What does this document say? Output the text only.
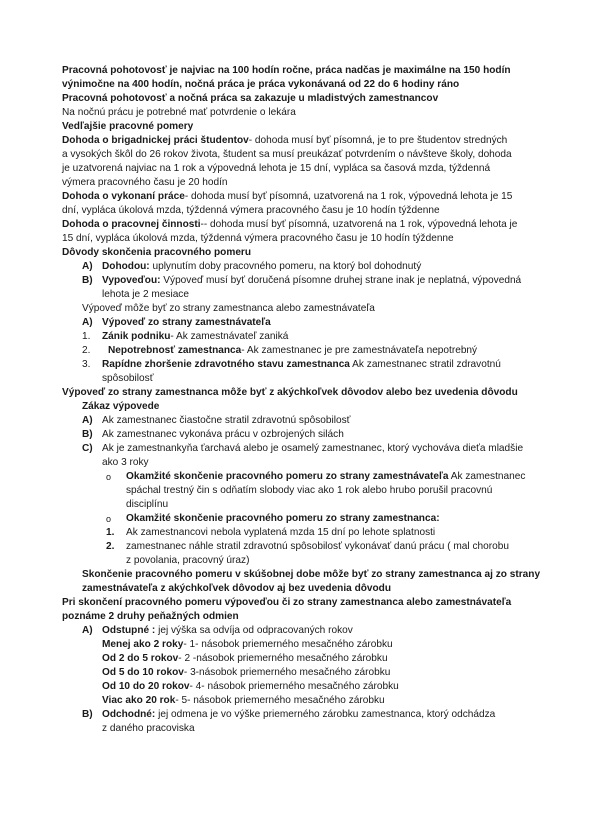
Pracovná pohotovosť je najviac na 100 hodín ročne, práca nadčas je maximálne na 150 hodín
výnimočne na 400 hodín, nočná práca je práca vykonávaná od 22 do 6 hodiny ráno
Pracovná pohotovosť a nočná práca sa zakazuje u mladistvých zamestnancov
Na nočnú prácu je potrebné mať potvrdenie o lekára
Vedľajšie pracovné pomery
Dohoda o brigadnickej práci študentov- dohoda musí byť písomná, je to pre študentov stredných
a vysokých škôl do 26 rokov života, študent sa musí preukázať potvrdením o návšteve školy, dohoda
je uzatvorená najviac na 1 rok a výpovedná lehota je 15 dní, vypláca sa časová mzda, týždenná
výmera pracovného času je 20 hodín
Dohoda o vykonaní práce- dohoda musí byť písomná, uzatvorená na 1 rok, výpovedná lehota je 15
dní, vypláca úkolová mzda, týždenná výmera pracovného času je 10 hodín týždenne
Dohoda o pracovnej činnosti-- dohoda musí byť písomná, uzatvorená na 1 rok, výpovedná lehota je
15 dní, vypláca úkolová mzda, týždenná výmera pracovného času je 10 hodín týždenne
Dôvody skončenia pracovného pomeru
A) Dohodou: uplynutím doby pracovného pomeru, na ktorý bol dohodnutý
B) Vypoveďou: Výpoveď musí byť doručená písomne druhej strane inak je neplatná, výpovedná
lehota je 2 mesiace
Výpoveď môže byť zo strany zamestnanca alebo zamestnávateľa
A) Výpoveď zo strany zamestnávateľa
1.	Zánik podniku- Ak zamestnávateľ zaniká
2.	Nepotrebnosť zamestnanca- Ak zamestnanec je pre zamestnávateľa nepotrebný
3.	Rapídne zhoršenie zdravotného stavu zamestnanca Ak zamestnanec stratil zdravotnú
spôsobilosť
Výpoveď zo strany zamestnanca môže byť z akýchkoľvek dôvodov alebo bez uvedenia dôvodu
Zákaz výpovede
A) Ak zamestnanec čiastočne stratil zdravotnú spôsobilosť
B) Ak zamestnanec vykonáva prácu v ozbrojených silách
C) Ak je zamestnankyňa ťarchavá alebo je osamelý zamestnanec, ktorý vychováva dieťa mladšie
ako 3 roky
o	Okamžité skončenie pracovného pomeru zo strany zamestnávateľa Ak zamestnanec
spáchal trestný čin s odňatím slobody viac ako 1 rok alebo hrubo porušil pracovnú
disciplínu
o	Okamžité skončenie pracovného pomeru zo strany zamestnanca:
1.	Ak zamestnancovi nebola vyplatená mzda 15 dní po lehote splatnosti
2.	zamestnanec náhle stratil zdravotnú spôsobilosť vykonávať danú prácu ( mal chorobu
z povolania, pracovný úraz)
Skončenie pracovného pomeru v skúšobnej dobe môže byť zo strany zamestnanca aj zo strany
zamestnávateľa z akýchkoľvek dôvodov aj bez uvedenia dôvodu
Pri skončení pracovného pomeru výpoveďou či zo strany zamestnanca alebo zamestnávateľa
poznáme 2 druhy peňažných odmien
A) Odstupné : jej výška sa odvíja od odpracovaných rokov
Menej ako 2 roky- 1- násobok priemerného mesačného zárobku
Od 2 do 5 rokov- 2 -násobok priemerného mesačného zárobku
Od 5 do 10 rokov- 3-násobok priemerného mesačného zárobku
Od 10 do 20 rokov- 4- násobok priemerného mesačného zárobku
Viac ako 20 rok- 5- násobok priemerného mesačného zárobku
B) Odchodné: jej odmena je vo výške priemerného zárobku zamestnanca, ktorý odchádza
z daného pracoviska
